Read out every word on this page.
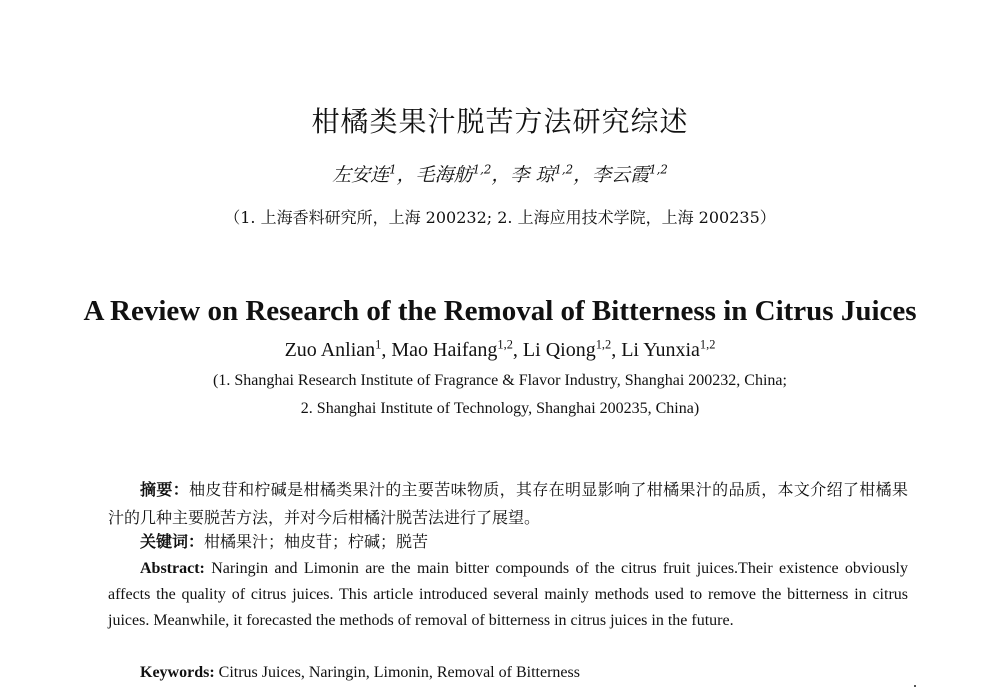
柑橘类果汁脱苦方法研究综述
左安连$^1$，毛海舫$^{1,2}$，李 琼$^{1,2}$，李云霞$^{1,2}$
（1. 上海香料研究所，上海 200232; 2. 上海应用技术学院，上海 200235）
A Review on Research of the Removal of Bitterness in Citrus Juices
Zuo Anlian$^1$, Mao Haifang$^{1,2}$, Li Qiong$^{1,2}$, Li Yunxia$^{1,2}$
(1. Shanghai Research Institute of Fragrance & Flavor Industry, Shanghai 200232, China;
2. Shanghai Institute of Technology, Shanghai 200235, China)
摘要：柚皮苷和柠碱是柑橘类果汁的主要苦味物质，其存在明显影响了柑橘果汁的品质，本文介绍了柑橘果汁的几种主要脱苦方法，并对今后柑橘汁脱苦法进行了展望。
关键词：柑橘果汁；柚皮苷；柠碱；脱苦
Abstract: Naringin and Limonin are the main bitter compounds of the citrus fruit juices.Their existence obviously affects the quality of citrus juices. This article introduced several mainly methods used to remove the bitterness in citrus juices. Meanwhile, it forecasted the methods of removal of bitterness in citrus juices in the future.
Keywords: Citrus Juices, Naringin, Limonin, Removal of Bitterness
